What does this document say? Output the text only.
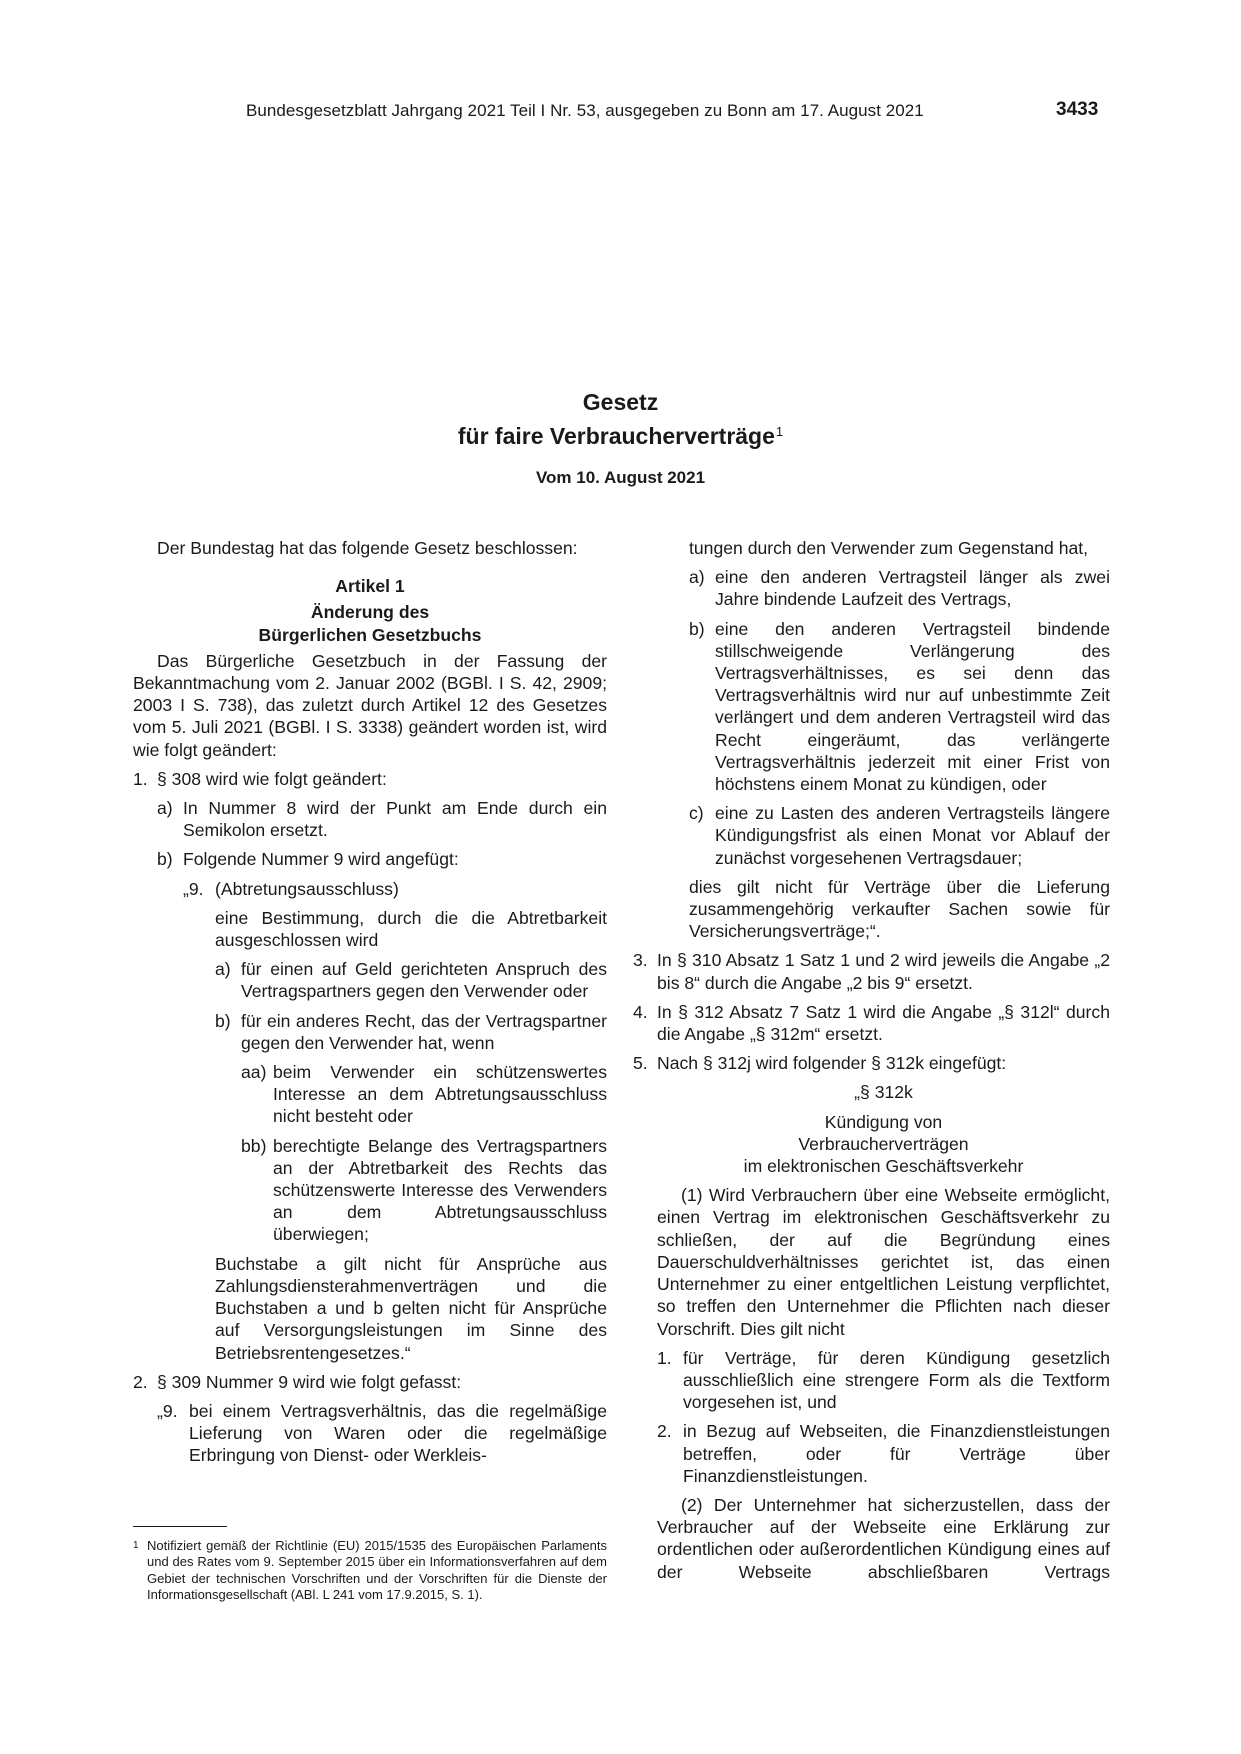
Bundesgesetzblatt Jahrgang 2021 Teil I Nr. 53, ausgegeben zu Bonn am 17. August 2021	3433
Gesetz
für faire Verbraucherverträge$^1$
Vom 10. August 2021

Der Bundestag hat das folgende Gesetz beschlossen:

Artikel 1
Änderung des
Bürgerlichen Gesetzbuchs

Das Bürgerliche Gesetzbuch in der Fassung der Bekanntmachung vom 2. Januar 2002 (BGBl. I S. 42, 2909; 2003 I S. 738), das zuletzt durch Artikel 12 des Gesetzes vom 5. Juli 2021 (BGBl. I S. 3338) geändert worden ist, wird wie folgt geändert:

1. § 308 wird wie folgt geändert:
a) In Nummer 8 wird der Punkt am Ende durch ein Semikolon ersetzt.
b) Folgende Nummer 9 wird angefügt:
„9. (Abtretungsausschluss)

eine Bestimmung, durch die die Abtretbarkeit ausgeschlossen wird

a) für einen auf Geld gerichteten Anspruch des Vertragspartners gegen den Verwender oder
b) für ein anderes Recht, das der Vertragspartner gegen den Verwender hat, wenn
aa) beim Verwender ein schützenswertes Interesse an dem Abtretungsausschluss nicht besteht oder
bb) berechtigte Belange des Vertragspartners an der Abtretbarkeit des Rechts das schützenswerte Interesse des Verwenders an dem Abtretungsausschluss überwiegen;

Buchstabe a gilt nicht für Ansprüche aus Zahlungsdiensterahmenverträgen und die Buchstaben a und b gelten nicht für Ansprüche auf Versorgungsleistungen im Sinne des Betriebsrentengesetzes.“

2. § 309 Nummer 9 wird wie folgt gefasst:
„9. bei einem Vertragsverhältnis, das die regelmäßige Lieferung von Waren oder die regelmäßige Erbringung von Dienst- oder Werkleis-

tungen durch den Verwender zum Gegenstand hat,

a) eine den anderen Vertragsteil länger als zwei Jahre bindende Laufzeit des Vertrags,
b) eine den anderen Vertragsteil bindende stillschweigende Verlängerung des Vertragsverhältnisses, es sei denn das Vertragsverhältnis wird nur auf unbestimmte Zeit verlängert und dem anderen Vertragsteil wird das Recht eingeräumt, das verlängerte Vertragsverhältnis jederzeit mit einer Frist von höchstens einem Monat zu kündigen, oder
c) eine zu Lasten des anderen Vertragsteils längere Kündigungsfrist als einen Monat vor Ablauf der zunächst vorgesehenen Vertragsdauer;

dies gilt nicht für Verträge über die Lieferung zusammengehörig verkaufter Sachen sowie für Versicherungsverträge;“.

3. In § 310 Absatz 1 Satz 1 und 2 wird jeweils die Angabe „2 bis 8“ durch die Angabe „2 bis 9“ ersetzt.
4. In § 312 Absatz 7 Satz 1 wird die Angabe „§ 312l“ durch die Angabe „§ 312m“ ersetzt.
5. Nach § 312j wird folgender § 312k eingefügt:
„§ 312k
Kündigung von
Verbraucherverträgen
im elektronischen Geschäftsverkehr

(1) Wird Verbrauchern über eine Webseite ermöglicht, einen Vertrag im elektronischen Geschäftsverkehr zu schließen, der auf die Begründung eines Dauerschuldverhältnisses gerichtet ist, das einen Unternehmer zu einer entgeltlichen Leistung verpflichtet, so treffen den Unternehmer die Pflichten nach dieser Vorschrift. Dies gilt nicht

1. für Verträge, für deren Kündigung gesetzlich ausschließlich eine strengere Form als die Textform vorgesehen ist, und
2. in Bezug auf Webseiten, die Finanzdienstleistungen betreffen, oder für Verträge über Finanzdienstleistungen.

(2) Der Unternehmer hat sicherzustellen, dass der Verbraucher auf der Webseite eine Erklärung zur ordentlichen oder außerordentlichen Kündigung eines auf der Webseite abschließbaren Vertrags

1 Notifiziert gemäß der Richtlinie (EU) 2015/1535 des Europäischen Parlaments und des Rates vom 9. September 2015 über ein Informationsverfahren auf dem Gebiet der technischen Vorschriften und der Vorschriften für die Dienste der Informationsgesellschaft (ABl. L 241 vom 17.9.2015, S. 1).
